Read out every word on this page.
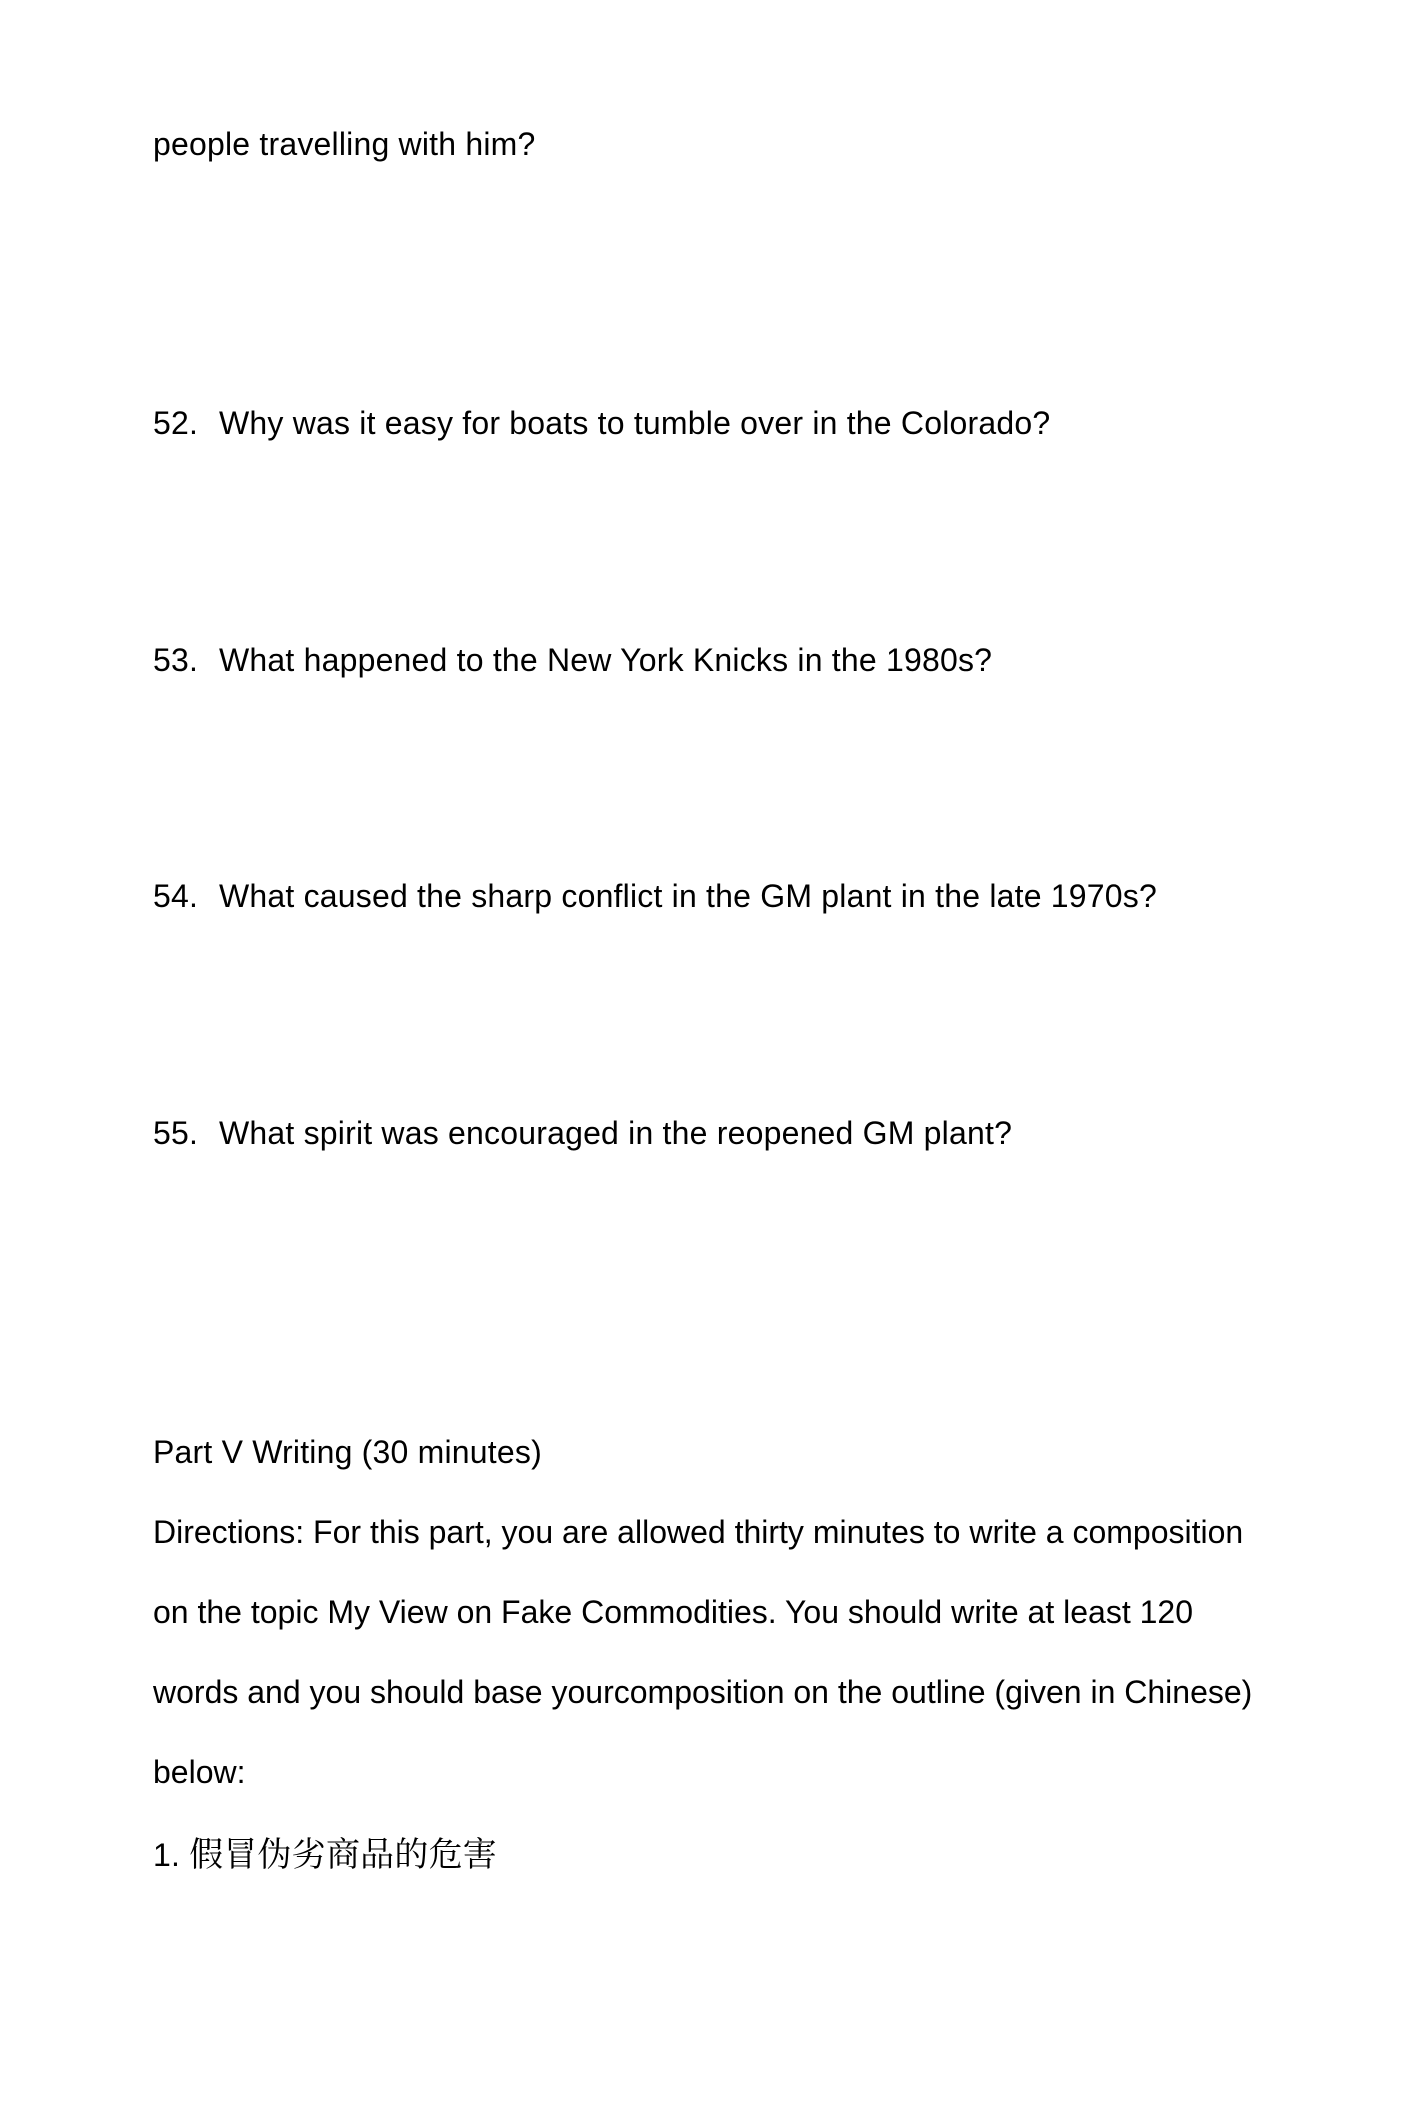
people travelling with him?
52. Why was it easy for boats to tumble over in the Colorado?
53. What happened to the New York Knicks in the 1980s?
54. What caused the sharp conflict in the GM plant in the late 1970s?
55. What spirit was encouraged in the reopened GM plant?
Part V Writing (30 minutes)
Directions: For this part, you are allowed thirty minutes to write a composition
on the topic My View on Fake Commodities. You should write at least 120
words and you should base yourcomposition on the outline (given in Chinese)
below:
1. 假冒伪劣商品的危害
